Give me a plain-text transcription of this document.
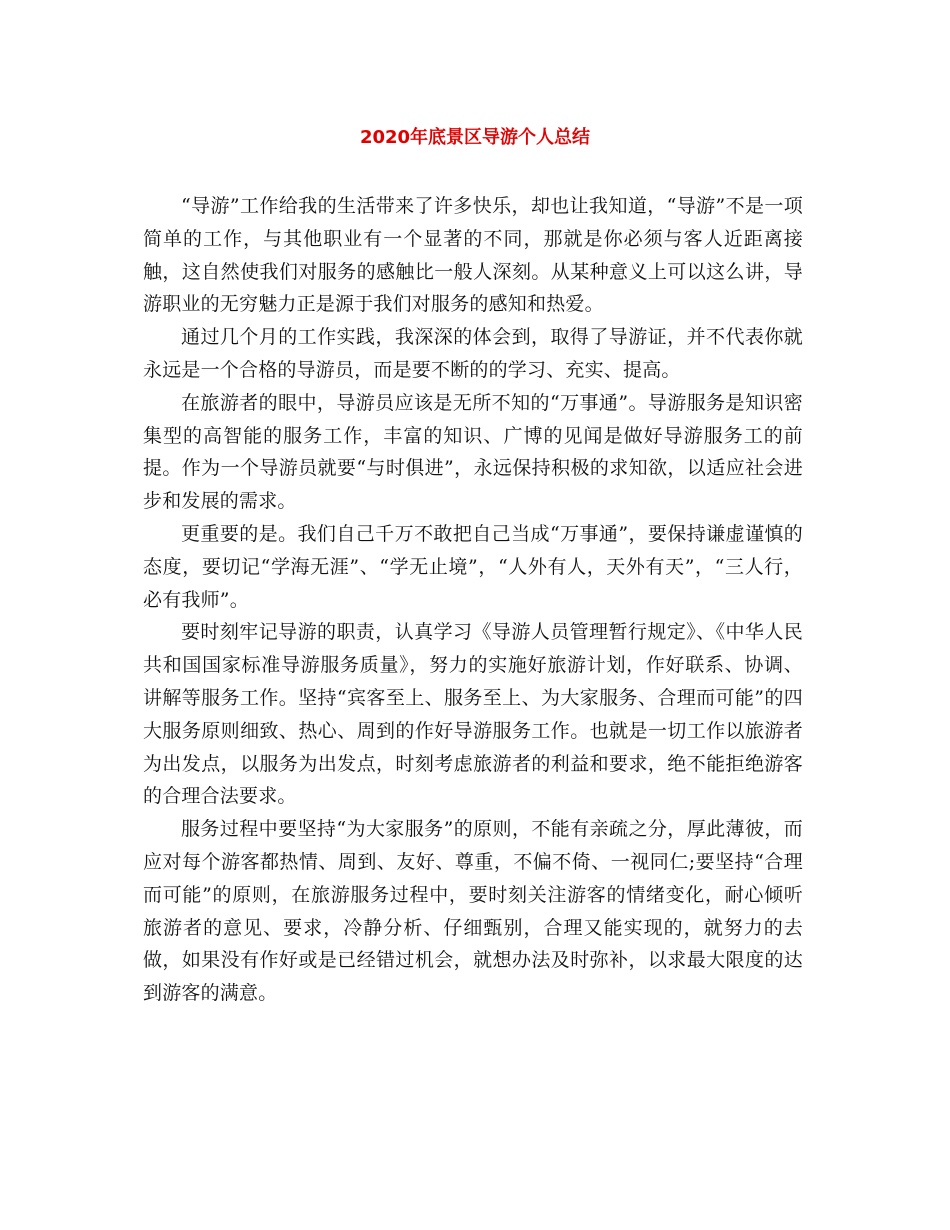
2020年底景区导游个人总结

“导游”工作给我的生活带来了许多快乐，却也让我知道，“导游”不是一项简单的工作，与其他职业有一个显著的不同，那就是你必须与客人近距离接触，这自然使我们对服务的感触比一般人深刻。从某种意义上可以这么讲，导游职业的无穷魅力正是源于我们对服务的感知和热爱。

通过几个月的工作实践，我深深的体会到，取得了导游证，并不代表你就永远是一个合格的导游员，而是要不断的的学习、充实、提高。

在旅游者的眼中，导游员应该是无所不知的“万事通”。导游服务是知识密集型的高智能的服务工作，丰富的知识、广博的见闻是做好导游服务工的前提。作为一个导游员就要“与时俱进”，永远保持积极的求知欲，以适应社会进步和发展的需求。

更重要的是。我们自己千万不敢把自己当成“万事通”，要保持谦虚谨慎的态度，要切记“学海无涯”、“学无止境”，“人外有人，天外有天”，“三人行，必有我师”。

要时刻牢记导游的职责，认真学习《导游人员管理暂行规定》、《中华人民共和国国家标准导游服务质量》，努力的实施好旅游计划，作好联系、协调、讲解等服务工作。坚持“宾客至上、服务至上、为大家服务、合理而可能”的四大服务原则细致、热心、周到的作好导游服务工作。也就是一切工作以旅游者为出发点，以服务为出发点，时刻考虑旅游者的利益和要求，绝不能拒绝游客的合理合法要求。

服务过程中要坚持“为大家服务”的原则，不能有亲疏之分，厚此薄彼，而应对每个游客都热情、周到、友好、尊重，不偏不倚、一视同仁;要坚持“合理而可能”的原则，在旅游服务过程中，要时刻关注游客的情绪变化，耐心倾听旅游者的意见、要求，冷静分析、仔细甄别，合理又能实现的，就努力的去做，如果没有作好或是已经错过机会，就想办法及时弥补，以求最大限度的达到游客的满意。
